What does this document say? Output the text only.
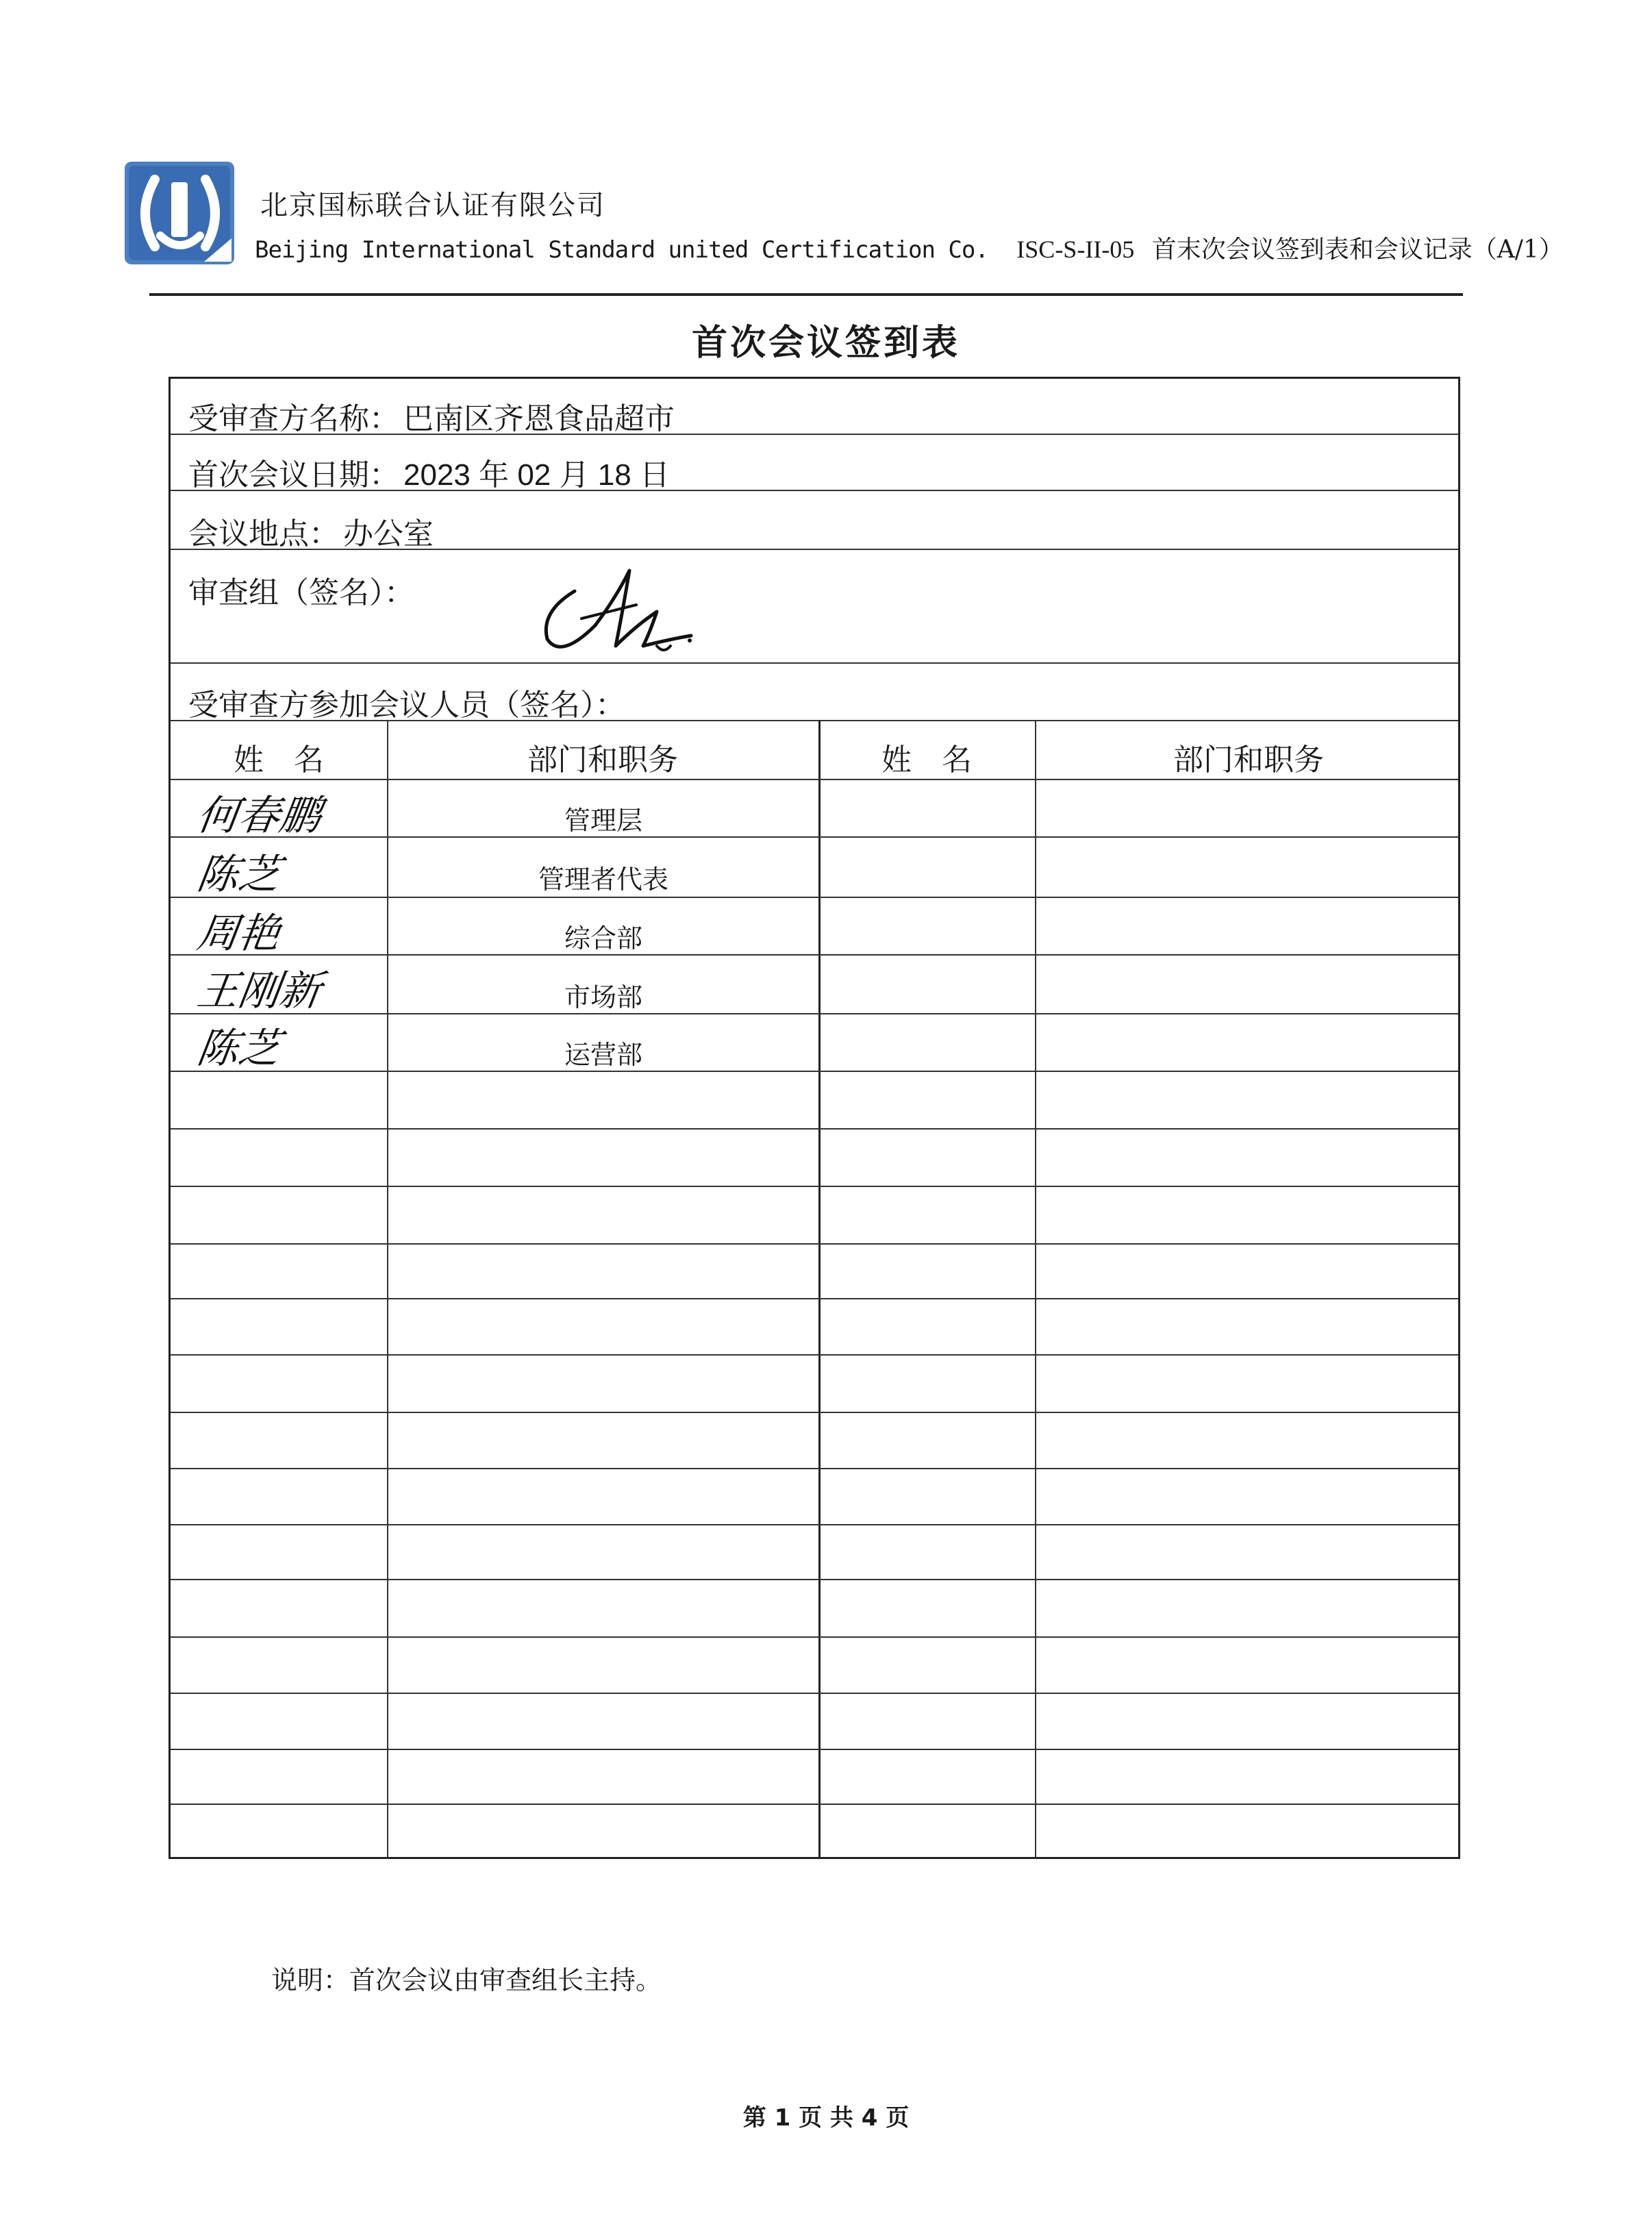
北京国标联合认证有限公司
Beijing International Standard united Certification Co. ISC-S-II-05 首末次会议签到表和会议记录（A/1）
首次会议签到表
受审查方名称： 巴南区齐恩食品超市
首次会议日期： 2023 年 02 月 18 日
会议地点： 办公室
审查组（签名）：
受审查方参加会议人员（签名）：
姓　名	部门和职务	姓　名	部门和职务
何春鹏	管理层
陈芝	管理者代表
周艳	综合部
王刚新	市场部
陈芝	运营部
说明：首次会议由审查组长主持。
第 1 页 共 4 页
